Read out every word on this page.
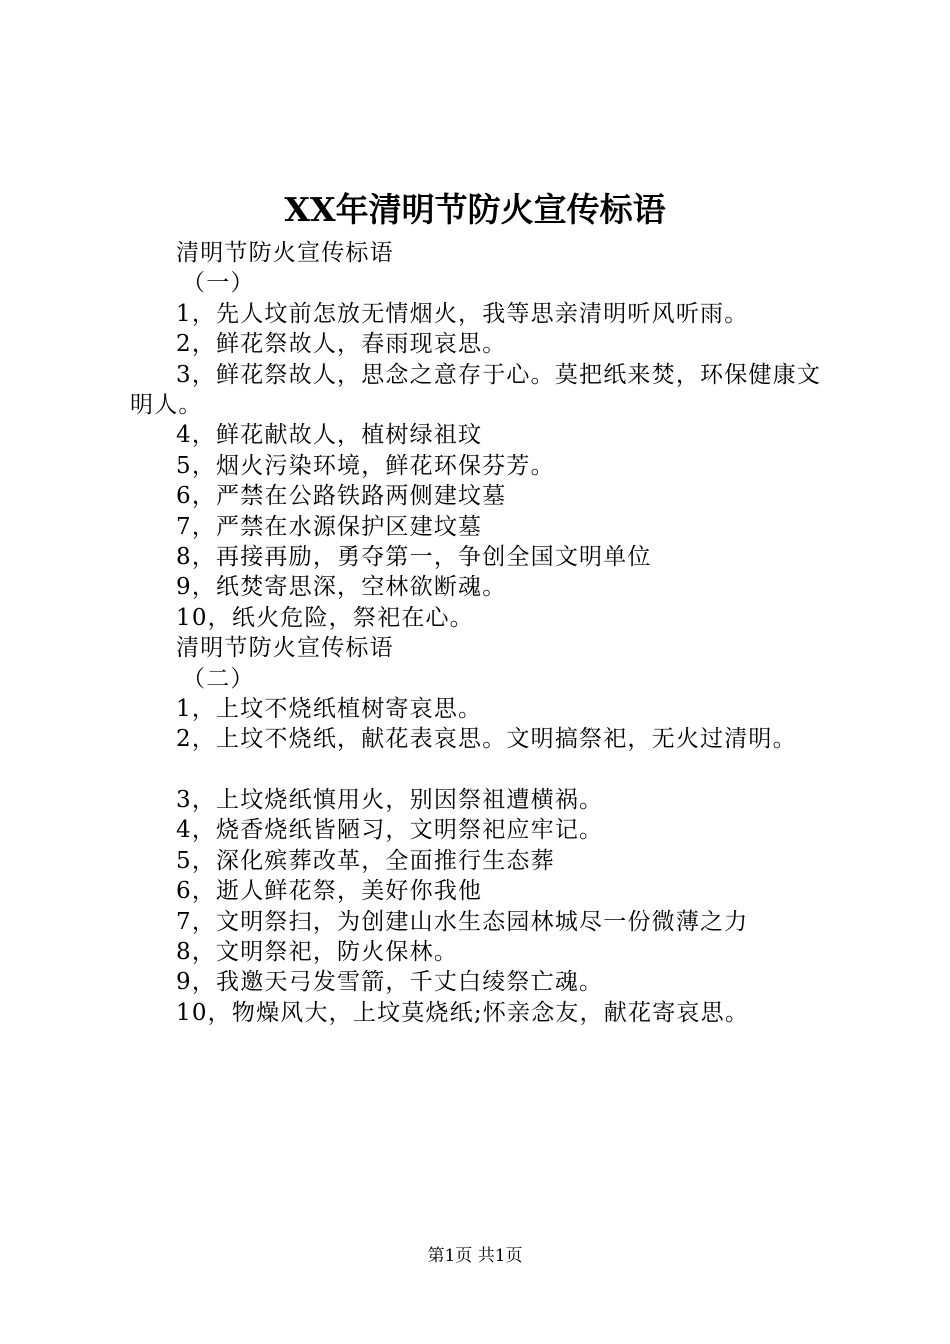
XX年清明节防火宣传标语
清明节防火宣传标语
（一）
1，先人坟前怎放无情烟火，我等思亲清明听风听雨。
2，鲜花祭故人，春雨现哀思。
3，鲜花祭故人，思念之意存于心。莫把纸来焚，环保健康文明人。
4，鲜花献故人，植树绿祖玟
5，烟火污染环境，鲜花环保芬芳。
6，严禁在公路铁路两侧建坟墓
7，严禁在水源保护区建坟墓
8，再接再励，勇夺第一，争创全国文明单位
9，纸焚寄思深，空林欲断魂。
10，纸火危险，祭祀在心。
清明节防火宣传标语
（二）
1，上坟不烧纸植树寄哀思。
2，上坟不烧纸，献花表哀思。文明搞祭祀，无火过清明。
3，上坟烧纸慎用火，别因祭祖遭横祸。
4，烧香烧纸皆陋习，文明祭祀应牢记。
5，深化殡葬改革，全面推行生态葬
6，逝人鲜花祭，美好你我他
7，文明祭扫，为创建山水生态园林城尽一份微薄之力
8，文明祭祀，防火保林。
9，我邀天弓发雪箭，千丈白绫祭亡魂。
10，物燥风大，上坟莫烧纸;怀亲念友，献花寄哀思。
第1页 共1页
